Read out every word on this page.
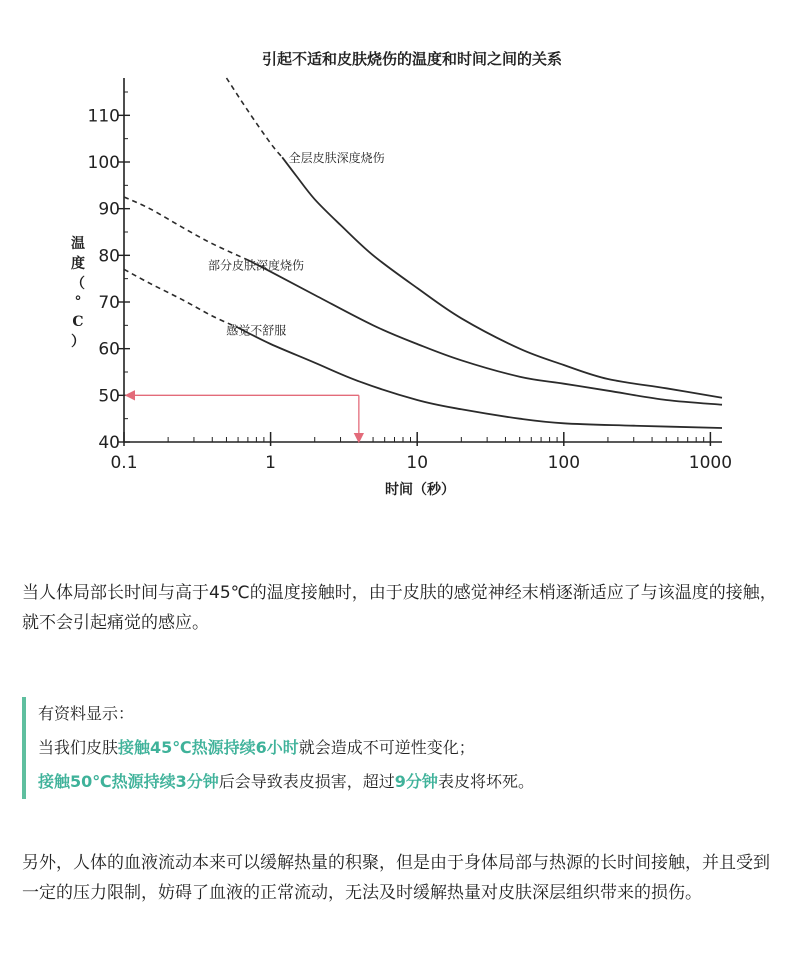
引起不适和皮肤烧伤的温度和时间之间的关系
40
50
60
70
80
90
100
110
0.1	1	10	100	1000
全层皮肤深度烧伤
部分皮肤深度烧伤
感觉不舒服
时间（秒）
温
度
（
°
C
）

当人体局部长时间与高于45℃的温度接触时，由于皮肤的感觉神经末梢逐渐适应了与该温度的接触，就不会引起痛觉的感应。

有资料显示：

当我们皮肤接触45℃热源持续6小时就会造成不可逆性变化；

接触50℃热源持续3分钟后会导致表皮损害，超过9分钟表皮将坏死。

另外，人体的血液流动本来可以缓解热量的积聚，但是由于身体局部与热源的长时间接触，并且受到一定的压力限制，妨碍了血液的正常流动，无法及时缓解热量对皮肤深层组织带来的损伤。
